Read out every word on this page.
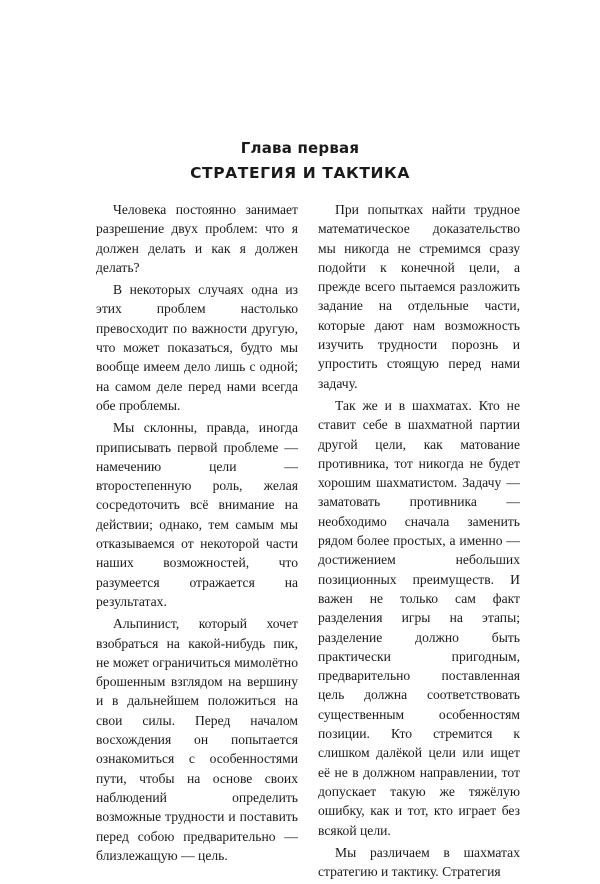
Глава первая
СТРАТЕГИЯ И ТАКТИКА

Человека постоянно занимает разрешение двух проблем: что я должен делать и как я должен делать?

В некоторых случаях одна из этих проблем настолько превосходит по важности другую, что может показаться, будто мы вообще имеем дело лишь с одной; на самом деле перед нами всегда обе проблемы.

Мы склонны, правда, иногда приписывать первой проблеме — намечению цели — второстепенную роль, желая сосредоточить всё внимание на действии; однако, тем самым мы отказываемся от некоторой части наших возможностей, что разумеется отражается на результатах.

Альпинист, который хочет взобраться на какой-нибудь пик, не может ограничиться мимолётно брошенным взглядом на вершину и в дальнейшем положиться на свои силы. Перед началом восхождения он попытается ознакомиться с особенностями пути, чтобы на основе своих наблюдений определить возможные трудности и поставить перед собою предварительно — близлежащую — цель.

При попытках найти трудное математическое доказательство мы никогда не стремимся сразу подойти к конечной цели, а прежде всего пытаемся разложить задание на отдельные части, которые дают нам возможность изучить трудности порознь и упростить стоящую перед нами задачу.

Так же и в шахматах. Кто не ставит себе в шахматной партии другой цели, как матование противника, тот никогда не будет хорошим шахматистом. Задачу — заматовать противника — необходимо сначала заменить рядом более простых, а именно — достижением небольших позиционных преимуществ. И важен не только сам факт разделения игры на этапы; разделение должно быть практически пригодным, предварительно поставленная цель должна соответствовать существенным особенностям позиции. Кто стремится к слишком далёкой цели или ищет её не в должном направлении, тот допускает такую же тяжёлую ошибку, как и тот, кто играет без всякой цели.

Мы различаем в шахматах стратегию и тактику. Стратегия
